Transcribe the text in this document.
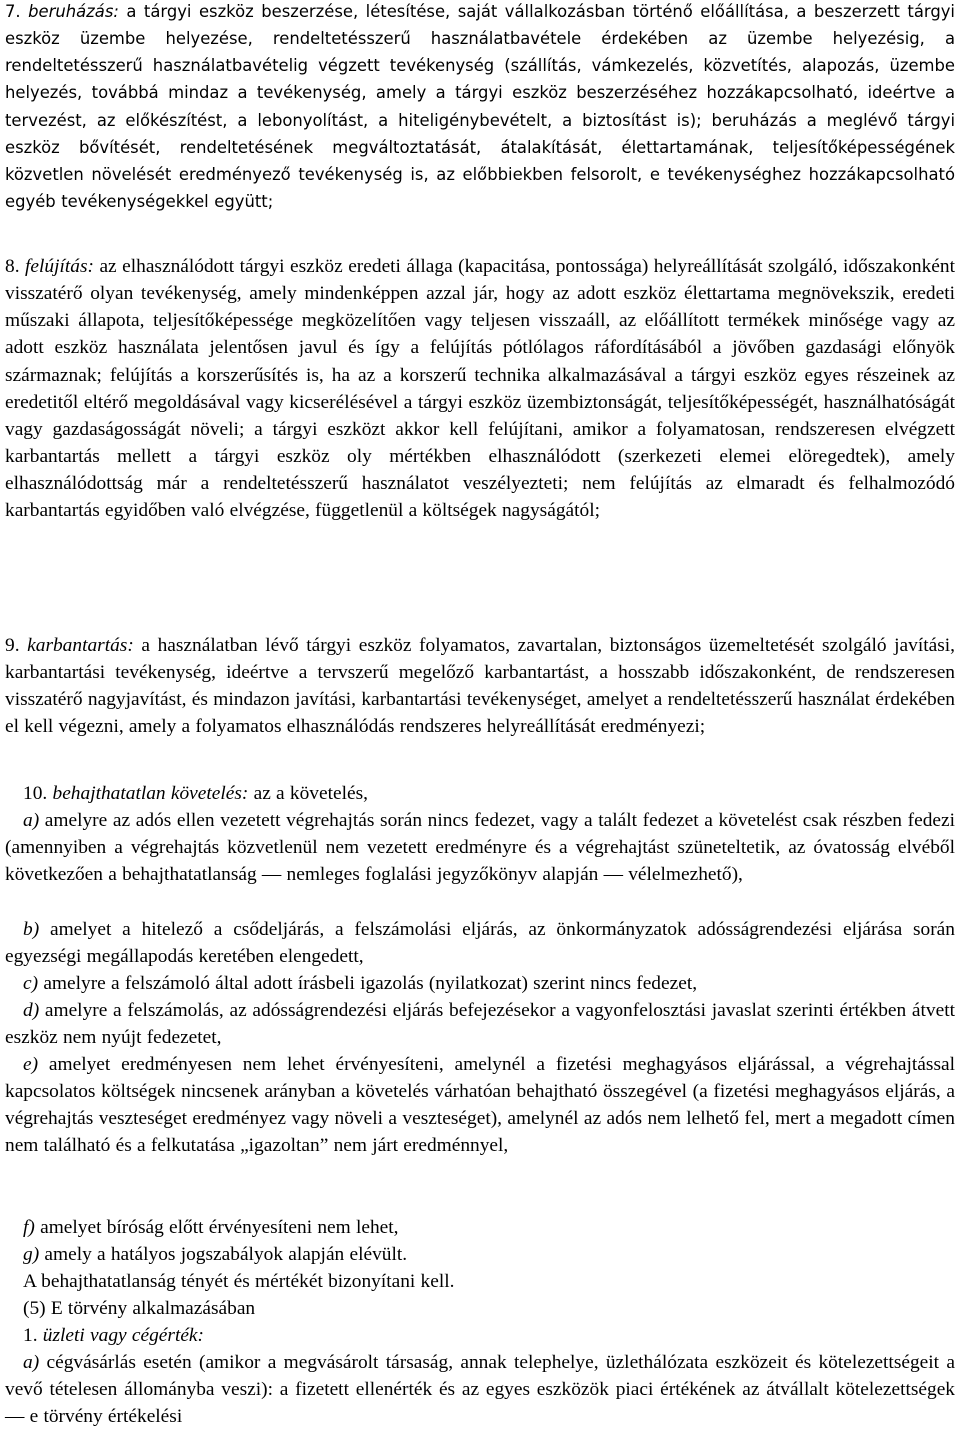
7. beruházás: a tárgyi eszköz beszerzése, létesítése, saját vállalkozásban történő előállítása, a beszerzett tárgyi eszköz üzembe helyezése, rendeltetésszerű használatbavétele érdekében az üzembe helyezésig, a rendeltetésszerű használatbavételig végzett tevékenység (szállítás, vámkezelés, közvetítés, alapozás, üzembe helyezés, továbbá mindaz a tevékenység, amely a tárgyi eszköz beszerzéséhez hozzákapcsolható, ideértve a tervezést, az előkészítést, a lebonyolítást, a hiteligénybevételt, a biztosítást is); beruházás a meglévő tárgyi eszköz bővítését, rendeltetésének megváltoztatását, átalakítását, élettartamának, teljesítőképességének közvetlen növelését eredményező tevékenység is, az előbbiekben felsorolt, e tevékenységhez hozzákapcsolható egyéb tevékenységekkel együtt;

8. felújítás: az elhasználódott tárgyi eszköz eredeti állaga (kapacitása, pontossága) helyreállítását szolgáló, időszakonként visszatérő olyan tevékenység, amely mindenképpen azzal jár, hogy az adott eszköz élettartama megnövekszik, eredeti műszaki állapota, teljesítőképessége megközelítően vagy teljesen visszaáll, az előállított termékek minősége vagy az adott eszköz használata jelentősen javul és így a felújítás pótlólagos ráfordításából a jövőben gazdasági előnyök származnak; felújítás a korszerűsítés is, ha az a korszerű technika alkalmazásával a tárgyi eszköz egyes részeinek az eredetitől eltérő megoldásával vagy kicserélésével a tárgyi eszköz üzembiztonságát, teljesítőképességét, használhatóságát vagy gazdaságosságát növeli; a tárgyi eszközt akkor kell felújítani, amikor a folyamatosan, rendszeresen elvégzett karbantartás mellett a tárgyi eszköz oly mértékben elhasználódott (szerkezeti elemei elöregedtek), amely elhasználódottság már a rendeltetésszerű használatot veszélyezteti; nem felújítás az elmaradt és felhalmozódó karbantartás egyidőben való elvégzése, függetlenül a költségek nagyságától;

9. karbantartás: a használatban lévő tárgyi eszköz folyamatos, zavartalan, biztonságos üzemeltetését szolgáló javítási, karbantartási tevékenység, ideértve a tervszerű megelőző karbantartást, a hosszabb időszakonként, de rendszeresen visszatérő nagyjavítást, és mindazon javítási, karbantartási tevékenységet, amelyet a rendeltetésszerű használat érdekében el kell végezni, amely a folyamatos elhasználódás rendszeres helyreállítását eredményezi;

10. behajthatatlan követelés: az a követelés,

a) amelyre az adós ellen vezetett végrehajtás során nincs fedezet, vagy a talált fedezet a követelést csak részben fedezi (amennyiben a végrehajtás közvetlenül nem vezetett eredményre és a végrehajtást szüneteltetik, az óvatosság elvéből következően a behajthatatlanság — nemleges foglalási jegyzőkönyv alapján — vélelmezhető),

b) amelyet a hitelező a csődeljárás, a felszámolási eljárás, az önkormányzatok adósságrendezési eljárása során egyezségi megállapodás keretében elengedett,

c) amelyre a felszámoló által adott írásbeli igazolás (nyilatkozat) szerint nincs fedezet,

d) amelyre a felszámolás, az adósságrendezési eljárás befejezésekor a vagyonfelosztási javaslat szerinti értékben átvett eszköz nem nyújt fedezetet,

e) amelyet eredményesen nem lehet érvényesíteni, amelynél a fizetési meghagyásos eljárással, a végrehajtással kapcsolatos költségek nincsenek arányban a követelés várhatóan behajtható összegével (a fizetési meghagyásos eljárás, a végrehajtás veszteséget eredményez vagy növeli a veszteséget), amelynél az adós nem lelhető fel, mert a megadott címen nem található és a felkutatása „igazoltan” nem járt eredménnyel,

f) amelyet bíróság előtt érvényesíteni nem lehet,

g) amely a hatályos jogszabályok alapján elévült.

A behajthatatlanság tényét és mértékét bizonyítani kell.

(5) E törvény alkalmazásában

1. üzleti vagy cégérték:

a) cégvásárlás esetén (amikor a megvásárolt társaság, annak telephelye, üzlethálózata eszközeit és kötelezettségeit a vevő tételesen állományba veszi): a fizetett ellenérték és az egyes eszközök piaci értékének az átvállalt kötelezettségek — e törvény értékelési
